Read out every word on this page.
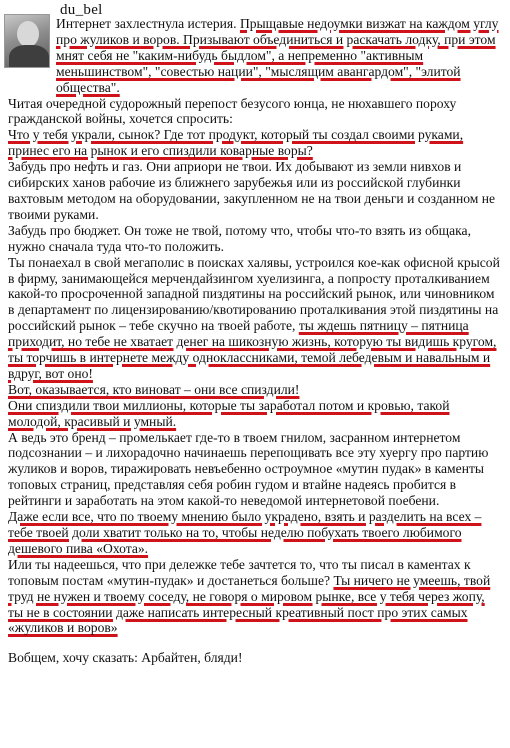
du_bel

Интернет захлестнула истерия. Прыщавые недоумки визжат на каждом углу про жуликов и воров. Призывают объединиться и раскачать лодку, при этом мнят себя не "каким-нибудь быдлом", а непременно "активным меньшинством", "совестью нации", "мыслящим авангардом", "элитой общества".

Читая очередной судорожный перепост безусого юнца, не нюхавшего пороху гражданской войны, хочется спросить:

Что у тебя украли, сынок? Где тот продукт, который ты создал своими руками, принес его на рынок и его спиздили коварные воры?

Забудь про нефть и газ. Они априори не твои. Их добывают из земли нивхов и сибирских ханов рабочие из ближнего зарубежья или из российской глубинки вахтовым методом на оборудовании, закупленном не на твои деньги и созданном не твоими руками.

Забудь про бюджет. Он тоже не твой, потому что, чтобы что-то взять из общака, нужно сначала туда что-то положить.

Ты понаехал в свой мегаполис в поисках халявы, устроился кое-как офисной крысой в фирму, занимающейся мерчендайзингом хуелизинга, а попросту проталкиванием какой-то просроченной западной пиздятины на российский рынок, или чиновником в департамент по лицензированию/квотированию проталкивания этой пиздятины на российский рынок – тебе скучно на твоей работе, ты ждешь пятницу – пятница приходит, но тебе не хватает денег на шикозную жизнь, которую ты видишь кругом, ты торчишь в интернете между одноклассниками, темой лебедевым и навальным и вдруг, вот оно!

Вот, оказывается, кто виноват – они все спиздили!

Они спиздили твои миллионы, которые ты заработал потом и кровью, такой молодой, красивый и умный.

А ведь это бренд – промелькает где-то в твоем гнилом, засранном интернетом подсознании – и лихорадочно начинаешь перепощивать все эту хуергу про партию жуликов и воров, тиражировать невъебенно остроумное «мутин пудак» в каменты топовых страниц, представляя себя робин гудом и втайне надеясь пробится в рейтинги и заработать на этом какой-то неведомой интернетовой поебени.

Даже если все, что по твоему мнению было украдено, взять и разделить на всех – тебе твоей доли хватит только на то, чтобы неделю побухать твоего любимого дешевого пива «Охота».

Или ты надеешься, что при дележке тебе зачтется то, что ты писал в каментах к топовым постам «мутин-пудак» и достанеться больше? Ты ничего не умеешь, твой труд не нужен и твоему соседу, не говоря о мировом рынке, все у тебя через жопу, ты не в состоянии даже написать интересный креативный пост про этих самых «жуликов и воров»

Вобщем, хочу сказать: Арбайтен, бляди!
